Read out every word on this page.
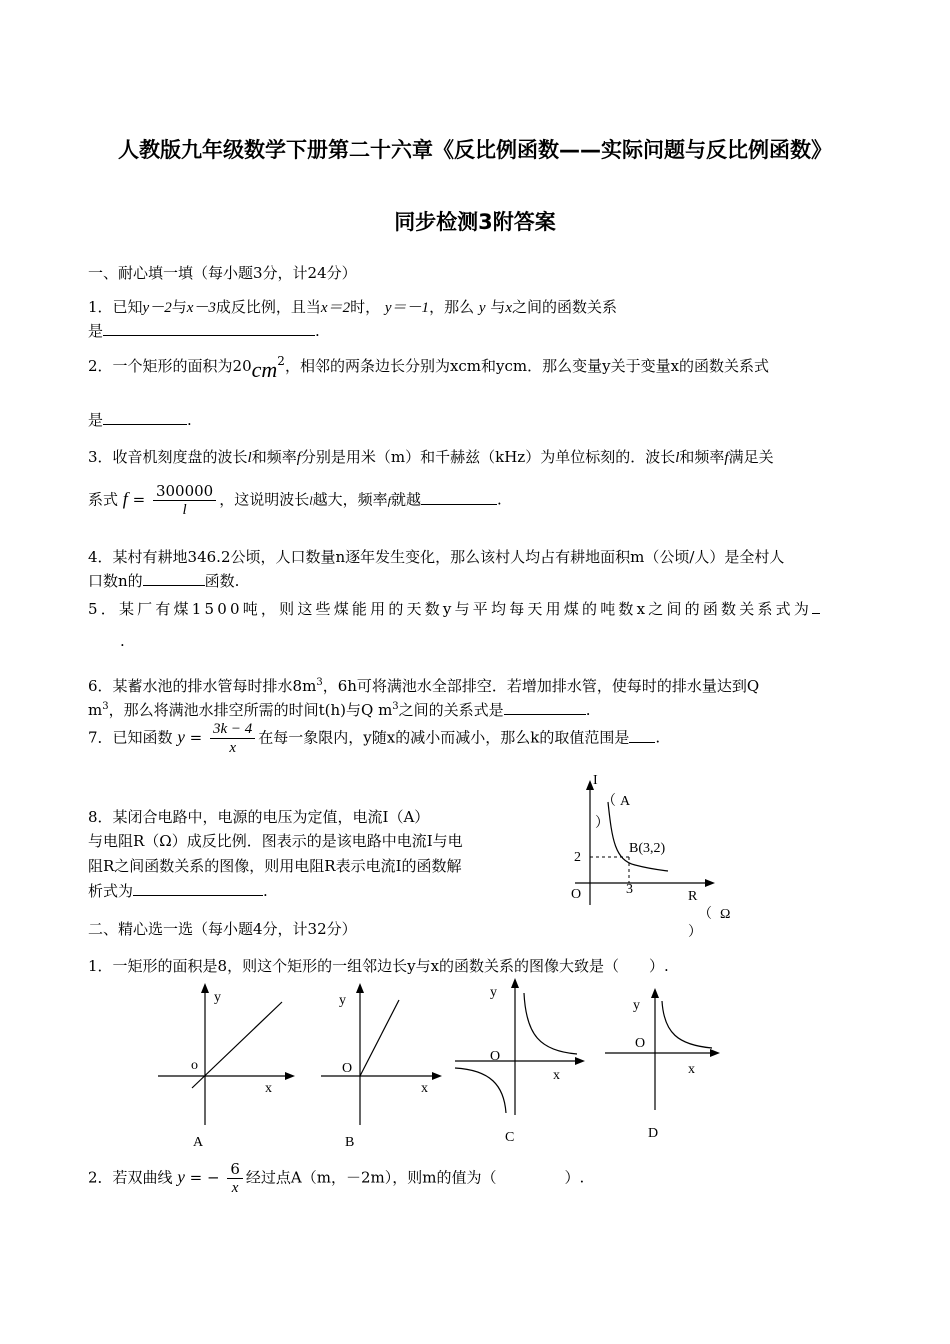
人教版九年级数学下册第二十六章《反比例函数——实际问题与反比例函数》
同步检测3附答案
一、耐心填一填（每小题3分，计24分）
1．已知y－2与x－3成反比例，且当x＝2时， y＝－1，那么 y 与x之间的函数关系
是	.
2．一个矩形的面积为$20cm^2$，相邻的两条边长分别为xcm和ycm．那么变量y关于变量x的函数关系式
是	.
3．收音机刻度盘的波长l和频率f分别是用米（m）和千赫兹（kHz）为单位标刻的．波长l和频率f满足关
系式 $f = \frac{300000}{l}$ ，这说明波长l越大，频率f就越	.
4．某村有耕地346.2公顷，人口数量n逐年发生变化，那么该村人均占有耕地面积m（公顷/人）是全村人
口数n的	函数.
5．某厂有煤1500吨，则这些煤能用的天数y与平均每天用煤的吨数x之间的函数关系式为
.
6．某蓄水池的排水管每时排水$8m^3$，6h可将满池水全部排空．若增加排水管，使每时的排水量达到Q
$m^3$，那么将满池水排空所需的时间t(h)与Q $m^3$之间的关系式是	.
7．已知函数 $y = \frac{3k - 4}{x}$ 在每一象限内，y随x的减小而减小，那么k的取值范围是 .
8．某闭合电路中，电源的电压为定值，电流I（A）
与电阻R（Ω）成反比例．图表示的是该电路中电流I与电
阻R之间函数关系的图像，则用电阻R表示电流I的函数解
析式为	.
I
（ A
）
B(3,2)
2
3
O	R
（ Ω
）
二、精心选一选（每小题4分，计32分）
1．一矩形的面积是8，则这个矩形的一组邻边长y与x的函数关系的图像大致是（　　）.
y
o
x
A
y
O
x
B
y
O
x
C
y
O
x
D
2．若双曲线 y = − $\frac{6}{x}$ 经过点A（m，－2m），则m的值为（	）.
